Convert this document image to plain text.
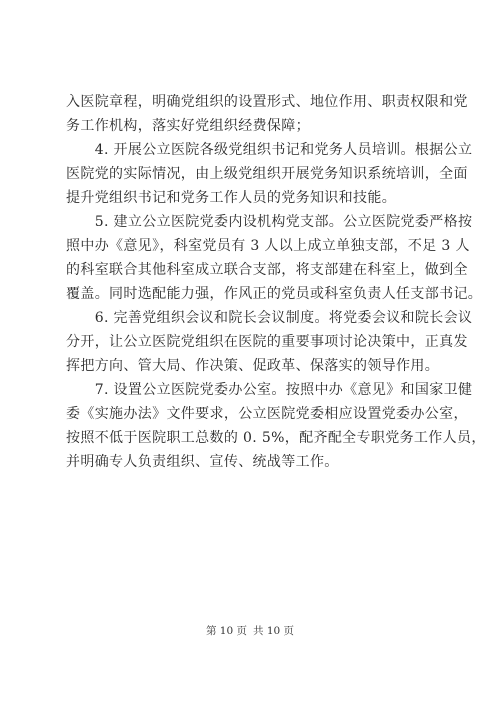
入医院章程，明确党组织的设置形式、地位作用、职责权限和党
务工作机构，落实好党组织经费保障；
　　4. 开展公立医院各级党组织书记和党务人员培训。根据公立
医院党的实际情况，由上级党组织开展党务知识系统培训，全面
提升党组织书记和党务工作人员的党务知识和技能。
　　5. 建立公立医院党委内设机构党支部。公立医院党委严格按
照中办《意见》，科室党员有 3 人以上成立单独支部，不足 3 人
的科室联合其他科室成立联合支部，将支部建在科室上，做到全
覆盖。同时选配能力强，作风正的党员或科室负责人任支部书记。
　　6. 完善党组织会议和院长会议制度。将党委会议和院长会议
分开，让公立医院党组织在医院的重要事项讨论决策中，正真发
挥把方向、管大局、作决策、促政革、保落实的领导作用。
　　7. 设置公立医院党委办公室。按照中办《意见》和国家卫健
委《实施办法》文件要求，公立医院党委相应设置党委办公室，
按照不低于医院职工总数的 0. 5%，配齐配全专职党务工作人员，
并明确专人负责组织、宣传、统战等工作。
第 10 页 共 10 页
